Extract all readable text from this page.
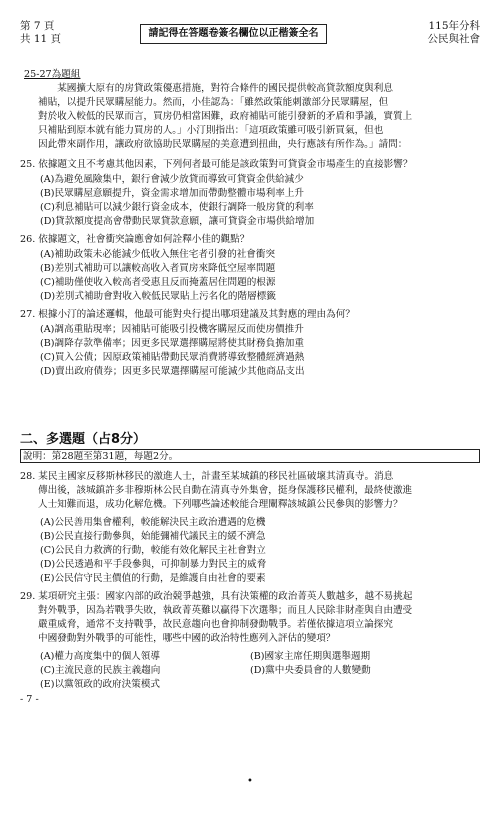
第 7 頁
共 11 頁	請記得在答題卷簽名欄位以正楷簽全名
115年分科
公民與社會
25-27為題組
某國擴大原有的房貸政策優惠措施，對符合條件的國民提供較高貸款額度與利息
補貼，以提升民眾購屋能力。然而，小佳認為：「雖然政策能刺激部分民眾購屋，但
對於收入較低的民眾而言，買房仍相當困難，政府補貼可能引發新的矛盾和爭議，實質上
只補貼到原本就有能力買房的人。」小汀則指出：「這項政策雖可吸引新買氣，但也
因此帶來副作用，讓政府欲協助民眾購屋的美意遭到扭曲，央行應該有所作為。」請問：
25. 依據題文且不考慮其他因素，下列何者最可能是該政策對可貸資金市場產生的直接影響？
(A)為避免風險集中，銀行會減少放貸而導致可貸資金供給減少
(B)民眾購屋意願提升，資金需求增加而帶動整體市場利率上升
(C)利息補貼可以減少銀行資金成本，使銀行調降一般房貸的利率
(D)貸款額度提高會帶動民眾貸款意願，讓可貸資金市場供給增加
26. 依據題文，社會衝突論應會如何詮釋小佳的觀點？
(A)補助政策未必能減少低收入無住宅者引發的社會衝突
(B)差別式補助可以讓較高收入者買房來降低空屋率問題
(C)補助僅使收入較高者受惠且反而掩蓋居住問題的根源
(D)差別式補助會對收入較低民眾貼上污名化的階層標籤
27. 根據小汀的論述邏輯，他最可能對央行提出哪項建議及其對應的理由為何？
(A)調高重貼現率；因補貼可能吸引投機客購屋反而使房價推升
(B)調降存款準備率；因更多民眾選擇購屋將使其財務負擔加重
(C)買入公債；因原政策補貼帶動民眾消費將導致整體經濟過熱
(D)賣出政府債券；因更多民眾選擇購屋可能減少其他商品支出
二、多選題（占8分）
說明：第28題至第31題，每題2分。
28. 某民主國家反移斯林移民的激進人士，計畫至某城鎮的移民社區破壞其清真寺。消息
傳出後，該城鎮許多非穆斯林公民自動在清真寺外集會，挺身保護移民權利，最終使激進
人士知難而退，成功化解危機。下列哪些論述較能合理闡釋該城鎮公民參與的影響力？
(A)公民善用集會權利，較能解決民主政治遭遇的危機
(B)公民直接行動參與，始能彌補代議民主的緩不濟急
(C)公民自力救濟的行動，較能有效化解民主社會對立
(D)公民透過和平手段參與，可抑制暴力對民主的威脅
(E)公民信守民主價值的行動，是維護自由社會的要素
29. 某項研究主張：國家內部的政治競爭越強，具有決策權的政治菁英人數越多，越不易挑起
對外戰爭，因為若戰爭失敗，執政菁英難以贏得下次選舉；而且人民除非財產與自由遭受
嚴重威脅，通常不支持戰爭，故民意趨向也會抑制發動戰爭。若僅依據這項立論探究
中國發動對外戰爭的可能性，哪些中國的政治特性應列入評估的變項？
(A)權力高度集中的個人領導	(B)國家主席任期與選舉週期
(C)主流民意的民族主義趨向	(D)黨中央委員會的人數變動
(E)以黨領政的政府決策模式
- 7 -
•
